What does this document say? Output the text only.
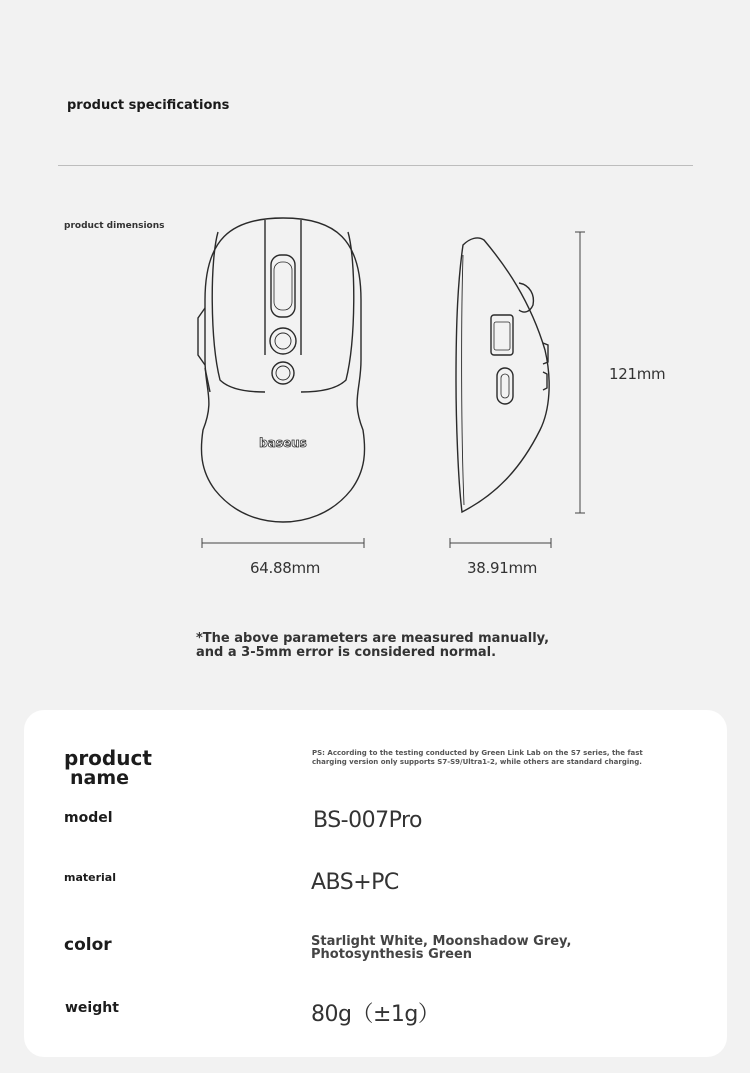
product specifications
product dimensions
baseus
64.88mm	38.91mm
121mm
*The above parameters are measured manually,
and a 3-5mm error is considered normal.
product
name
PS: According to the testing conducted by Green Link Lab on the S7 series, the fast charging version only supports S7-S9/Ultra1-2, while others are standard charging.
model	BS-007Pro
material	ABS+PC
color	Starlight White, Moonshadow Grey, Photosynthesis Green
weight	80g（±1g）
